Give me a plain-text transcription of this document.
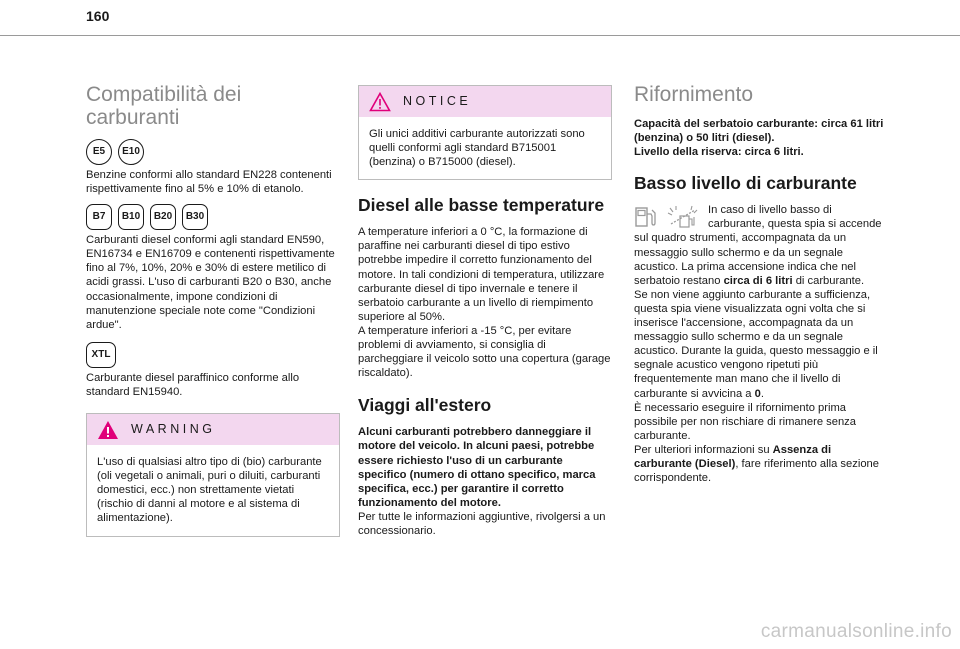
160
Compatibilità dei carburanti
E5	E10

Benzine conformi allo standard EN228 contenenti rispettivamente fino al 5% e 10% di etanolo.

B7	B10	B20	B30

Carburanti diesel conformi agli standard EN590, EN16734 e EN16709 e contenenti rispettivamente fino al 7%, 10%, 20% e 30% di estere metilico di acidi grassi. L'uso di carburanti B20 o B30, anche occasionalmente, impone condizioni di manutenzione speciale note come "Condizioni ardue".

XTL

Carburante diesel paraffinico conforme allo standard EN15940.

WARNING

L'uso di qualsiasi altro tipo di (bio) carburante (oli vegetali o animali, puri o diluiti, carburanti domestici, ecc.) non strettamente vietati (rischio di danni al motore e al sistema di alimentazione).

NOTICE

Gli unici additivi carburante autorizzati sono quelli conformi agli standard B715001 (benzina) o B715000 (diesel).

Diesel alle basse temperature

A temperature inferiori a 0 °C, la formazione di paraffine nei carburanti diesel di tipo estivo potrebbe impedire il corretto funzionamento del motore. In tali condizioni di temperatura, utilizzare carburante diesel di tipo invernale e tenere il serbatoio carburante a un livello di riempimento superiore al 50%.

A temperature inferiori a -15 °C, per evitare problemi di avviamento, si consiglia di parcheggiare il veicolo sotto una copertura (garage riscaldato).

Viaggi all'estero

Alcuni carburanti potrebbero danneggiare il motore del veicolo. In alcuni paesi, potrebbe essere richiesto l'uso di un carburante specifico (numero di ottano specifico, marca specifica, ecc.) per garantire il corretto funzionamento del motore.

Per tutte le informazioni aggiuntive, rivolgersi a un concessionario.

Rifornimento

Capacità del serbatoio carburante: circa 61 litri (benzina) o 50 litri (diesel).

Livello della riserva: circa 6 litri.

Basso livello di carburante

In caso di livello basso di carburante, questa spia si accende sul quadro strumenti, accompagnata da un messaggio sullo schermo e da un segnale acustico. La prima accensione indica che nel serbatoio restano circa di 6 litri di carburante.

Se non viene aggiunto carburante a sufficienza, questa spia viene visualizzata ogni volta che si inserisce l'accensione, accompagnata da un messaggio sullo schermo e da un segnale acustico. Durante la guida, questo messaggio e il segnale acustico vengono ripetuti più frequentemente man mano che il livello di carburante si avvicina a 0.

È necessario eseguire il rifornimento prima possibile per non rischiare di rimanere senza carburante.

Per ulteriori informazioni su Assenza di carburante (Diesel), fare riferimento alla sezione corrispondente.

carmanualsonline.info
